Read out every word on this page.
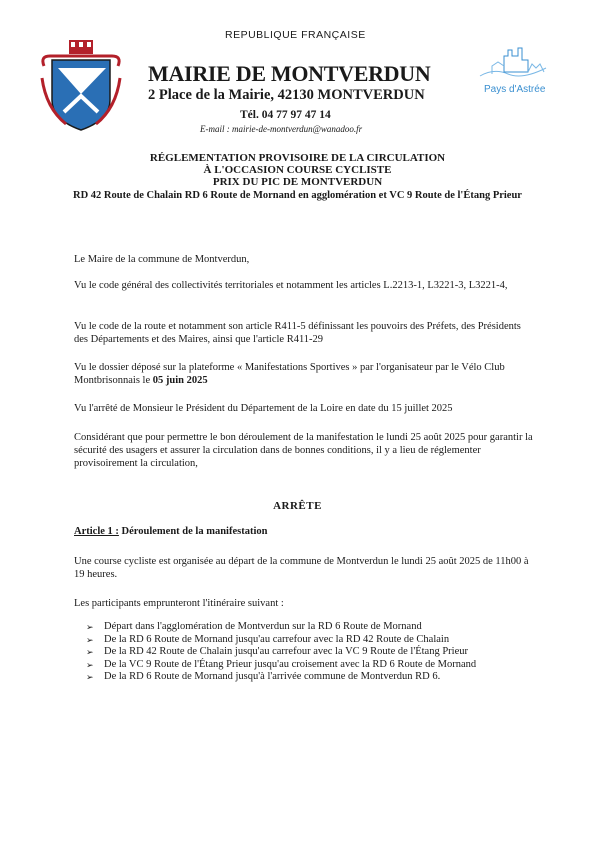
REPUBLIQUE FRANÇAISE
MAIRIE DE MONTVERDUN
2 Place de la Mairie, 42130 MONTVERDUN
Tél. 04 77 97 47 14
E-mail : mairie-de-montverdun@wanadoo.fr
Pays d'Astrée
RÉGLEMENTATION PROVISOIRE DE LA CIRCULATION
À L'OCCASION COURSE CYCLISTE
PRIX DU PIC DE MONTVERDUN
RD 42 Route de Chalain RD 6 Route de Mornand en agglomération et VC 9 Route de l'Étang Prieur
Le Maire de la commune de Montverdun,
Vu le code général des collectivités territoriales et notamment les articles L.2213-1, L3221-3, L3221-4,
Vu le code de la route et notamment son article R411-5 définissant les pouvoirs des Préfets, des Présidents des Départements et des Maires, ainsi que l'article R411-29
Vu le dossier déposé sur la plateforme « Manifestations Sportives » par l'organisateur par le Vélo Club Montbrisonnais le 05 juin 2025
Vu l'arrêté de Monsieur le Président du Département de la Loire en date du 15 juillet 2025
Considérant que pour permettre le bon déroulement de la manifestation le lundi 25 août 2025 pour garantir la sécurité des usagers et assurer la circulation dans de bonnes conditions, il y a lieu de réglementer provisoirement la circulation,
ARRÊTE
Article 1 : Déroulement de la manifestation
Une course cycliste est organisée au départ de la commune de Montverdun le lundi 25 août 2025 de 11h00 à 19 heures.
Les participants emprunteront l'itinéraire suivant :
➢ Départ dans l'agglomération de Montverdun sur la RD 6 Route de Mornand
➢ De la RD 6 Route de Mornand jusqu'au carrefour avec la RD 42 Route de Chalain
➢ De la RD 42 Route de Chalain jusqu'au carrefour avec la VC 9 Route de l'Étang Prieur
➢ De la VC 9 Route de l'Étang Prieur jusqu'au croisement avec la RD 6 Route de Mornand
➢ De la RD 6 Route de Mornand jusqu'à l'arrivée commune de Montverdun RD 6.
